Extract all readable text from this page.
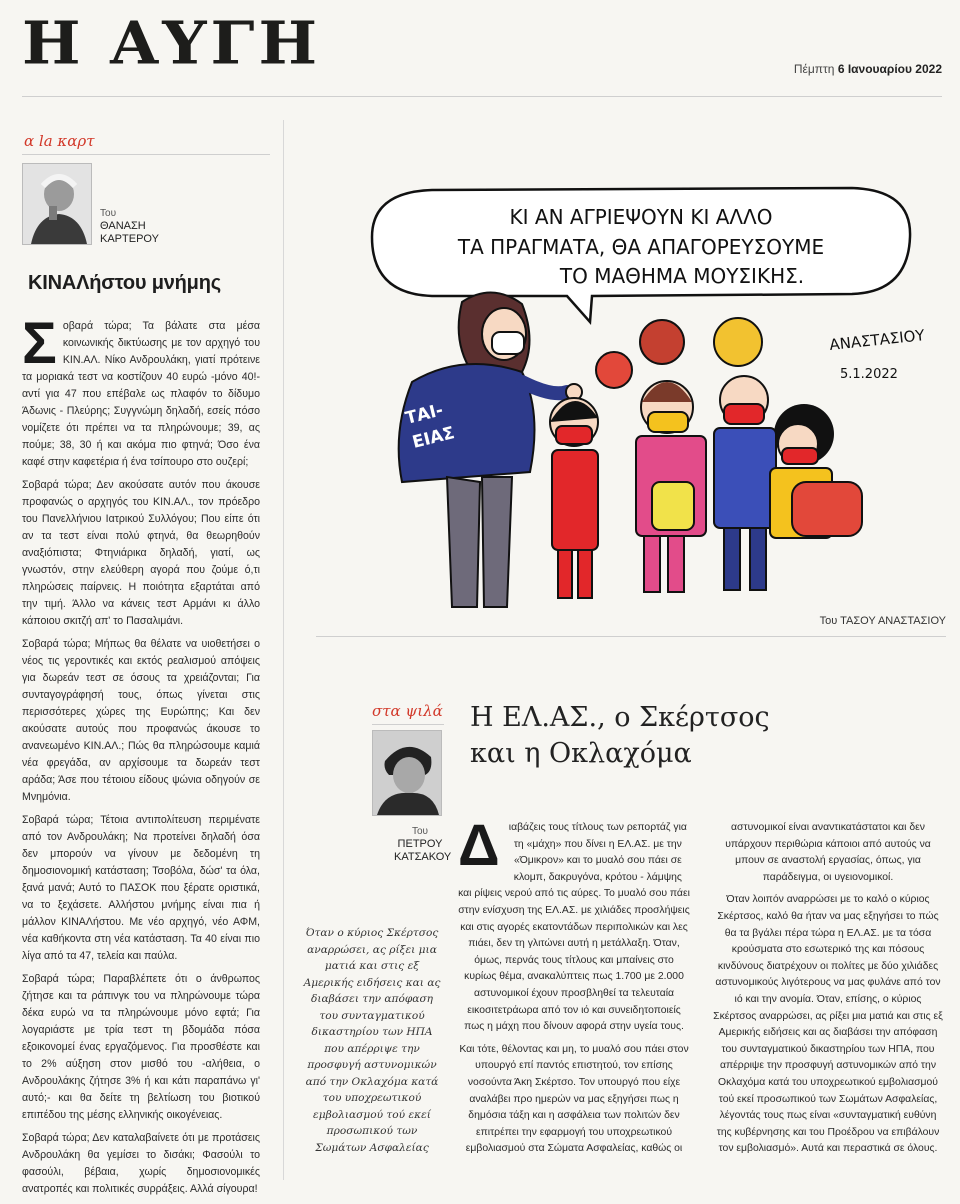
Η ΑΥΓΗ	Πέμπτη 6 Ιανουαρίου 2022
α la καρτ
Του
ΘΑΝΑΣΗ
ΚΑΡΤΕΡΟΥ
ΚΙΝΑΛήστου μνήμης

Σοβαρά τώρα; Τα βάλατε στα μέσα κοινωνικής δικτύωσης με τον αρχηγό του ΚΙΝ.ΑΛ. Νίκο Ανδρουλάκη, γιατί πρότεινε τα μοριακά τεστ να κοστίζουν 40 ευρώ -μόνο 40!- αντί για 47 που επέβαλε ως πλαφόν το δίδυμο Άδωνις - Πλεύρης; Συγγνώμη δηλαδή, εσείς πόσο νομίζετε ότι πρέπει να τα πληρώνουμε; 39, ας πούμε; 38, 30 ή και ακόμα πιο φτηνά; Όσο ένα καφέ στην καφετέρια ή ένα τσίπουρο στο ουζερί;

Σοβαρά τώρα; Δεν ακούσατε αυτόν που άκουσε προφανώς ο αρχηγός του ΚΙΝ.ΑΛ., τον πρόεδρο του Πανελλήνιου Ιατρικού Συλλόγου; Που είπε ότι αν τα τεστ είναι πολύ φτηνά, θα θεωρηθούν αναξιόπιστα; Φτηνιάρικα δηλαδή, γιατί, ως γνωστόν, στην ελεύθερη αγορά που ζούμε ό,τι πληρώσεις παίρνεις. Η ποιότητα εξαρτάται από την τιμή. Άλλο να κάνεις τεστ Αρμάνι κι άλλο κάποιου σκιτζή απ' το Πασαλιμάνι.

Σοβαρά τώρα; Μήπως θα θέλατε να υιοθετήσει ο νέος τις γεροντικές και εκτός ρεαλισμού απόψεις για δωρεάν τεστ σε όσους τα χρειάζονται; Για συνταγογράφησή τους, όπως γίνεται στις περισσότερες χώρες της Ευρώπης; Και δεν ακούσατε αυτούς που προφανώς άκουσε το ανανεωμένο ΚΙΝ.ΑΛ.; Πώς θα πληρώσουμε καμιά νέα φρεγάδα, αν αρχίσουμε τα δωρεάν τεστ αράδα; Άσε που τέτοιου είδους ψώνια οδηγούν σε Μνημόνια.

Σοβαρά τώρα; Τέτοια αντιπολίτευση περιμένατε από τον Ανδρουλάκη; Να προτείνει δηλαδή όσα δεν μπορούν να γίνουν με δεδομένη τη δημοσιονομική κατάσταση; Τσοβόλα, δώσ' τα όλα, ξανά μανά; Αυτό το ΠΑΣΟΚ που ξέρατε οριστικά, να το ξεχάσετε. Αλλήστου μνήμης είναι πια ή μάλλον ΚΙΝΑΛήστου. Με νέο αρχηγό, νέο ΑΦΜ, νέα καθήκοντα στη νέα κατάσταση. Τα 40 είναι πιο λίγα από τα 47, τελεία και παύλα.

Σοβαρά τώρα; Παραβλέπετε ότι ο άνθρωπος ζήτησε και τα ράπινγκ του να πληρώνουμε τώρα δέκα ευρώ να τα πληρώνουμε μόνο εφτά; Για λογαριάστε με τρία τεστ τη βδομάδα πόσα εξοικονομεί ένας εργαζόμενος. Για προσθέστε και το 2% αύξηση στον μισθό του -αλήθεια, ο Ανδρουλάκης ζήτησε 3% ή και κάτι παραπάνω γι' αυτό;- και θα δείτε τη βελτίωση του βιοτικού επιπέδου της μέσης ελληνικής οικογένειας.

Σοβαρά τώρα; Δεν καταλαβαίνετε ότι με προτάσεις Ανδρουλάκη θα γεμίσει το δισάκι; Φασούλι το φασούλι, βέβαια, χωρίς δημοσιονομικές ανατροπές και πολιτικές συρράξεις. Αλλά σίγουρα!

ΚΙ ΑΝ ΑΓΡΙΕΨΟΥΝ ΚΙ ΑΛΛΟ
ΤΑ ΠΡΑΓΜΑΤΑ, ΘΑ ΑΠΑΓΟΡΕΥΣΟΥΜΕ
ΤΟ ΜΑΘΗΜΑ ΜΟΥΣΙΚΗΣ.
ΤΑΙ-
ΕΙΑΣ
ΑΝΑΣΤΑΣΙΟΥ
5.1.2022
Του ΤΑΣΟΥ ΑΝΑΣΤΑΣΙΟΥ
στα ψιλά
Του
ΠΕΤΡΟΥ
ΚΑΤΣΑΚΟΥ
Η ΕΛ.ΑΣ., ο Σκέρτσος
και η Οκλαχόμα
Όταν ο κύριος Σκέρτσος αναρρώσει, ας ρίξει μια ματιά και στις εξ Αμερικής ειδήσεις και ας διαβάσει την απόφαση του συνταγματικού δικαστηρίου των ΗΠΑ που απέρριψε την προσφυγή αστυνομικών από την Οκλαχόμα κατά του υποχρεωτικού εμβολιασμού τού εκεί προσωπικού των Σωμάτων Ασφαλείας

Διαβάζεις τους τίτλους των ρεπορτάζ για τη «μάχη» που δίνει η ΕΛ.ΑΣ. με την «Όμικρον» και το μυαλό σου πάει σε κλομπ, δακρυγόνα, κρότου - λάμψης και ρίψεις νερού από τις αύρες. Το μυαλό σου πάει στην ενίσχυση της ΕΛ.ΑΣ. με χιλιάδες προσλήψεις και στις αγορές εκατοντάδων περιπολικών και λες πιάει, δεν τη γλιτώνει αυτή η μετάλλαξη. Όταν, όμως, περνάς τους τίτλους και μπαίνεις στο κυρίως θέμα, ανακαλύπτεις πως 1.700 με 2.000 αστυνομικοί έχουν προσβληθεί τα τελευταία εικοσιτετράωρα από τον ιό και συνειδητοποιείς πως η μάχη που δίνουν αφορά στην υγεία τους.

Και τότε, θέλοντας και μη, το μυαλό σου πάει στον υπουργό επί παντός επιστητού, τον επίσης νοσούντα Άκη Σκέρτσο. Τον υπουργό που είχε αναλάβει προ ημερών να μας εξηγήσει πως η δημόσια τάξη και η ασφάλεια των πολιτών δεν επιτρέπει την εφαρμογή του υποχρεωτικού εμβολιασμού στα Σώματα Ασφαλείας, καθώς οι

αστυνομικοί είναι αναντικατάστατοι και δεν υπάρχουν περιθώρια κάποιοι από αυτούς να μπουν σε αναστολή εργασίας, όπως, για παράδειγμα, οι υγειονομικοί.

Όταν λοιπόν αναρρώσει με το καλό ο κύριος Σκέρτσος, καλό θα ήταν να μας εξηγήσει το πώς θα τα βγάλει πέρα τώρα η ΕΛ.ΑΣ. με τα τόσα κρούσματα στο εσωτερικό της και πόσους κινδύνους διατρέχουν οι πολίτες με δύο χιλιάδες αστυνομικούς λιγότερους να μας φυλάνε από τον ιό και την ανομία. Όταν, επίσης, ο κύριος Σκέρτσος αναρρώσει, ας ρίξει μια ματιά και στις εξ Αμερικής ειδήσεις και ας διαβάσει την απόφαση του συνταγματικού δικαστηρίου των ΗΠΑ, που απέρριψε την προσφυγή αστυνομικών από την Οκλαχόμα κατά του υποχρεωτικού εμβολιασμού τού εκεί προσωπικού των Σωμάτων Ασφαλείας, λέγοντάς τους πως είναι «συνταγματική ευθύνη της κυβέρνησης και του Προέδρου να επιβάλουν τον εμβολιασμό». Αυτά και περαστικά σε όλους.
